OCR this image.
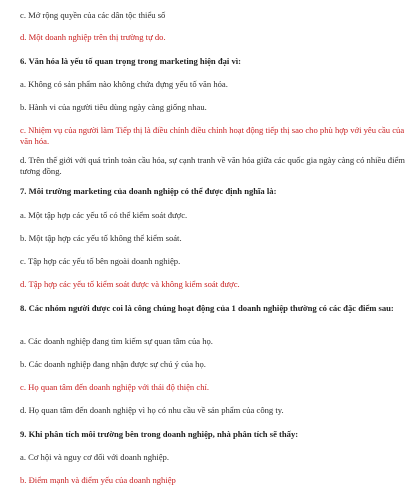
c. Mở rộng quyền của các dân tộc thiểu số
d. Một doanh nghiệp trên thị trường tự do.
6. Văn hóa là yếu tố quan trọng trong marketing hiện đại vì:
a. Không có sản phẩm nào không chứa đựng yếu tố văn hóa.
b. Hành vi của người tiêu dùng ngày càng giống nhau.
c. Nhiệm vụ của người làm Tiếp thị là điều chỉnh điều chỉnh hoạt động tiếp thị sao cho phù hợp với yêu cầu của văn hóa.
d. Trên thế giới với quá trình toàn cầu hóa, sự cạnh tranh về văn hóa giữa các quốc gia ngày càng có nhiều điểm tương đồng.
7. Môi trường marketing của doanh nghiệp có thể được định nghĩa là:
a. Một tập hợp các yếu tố có thể kiểm soát được.
b. Một tập hợp các yếu tố không thể kiểm soát.
c. Tập hợp các yếu tố bên ngoài doanh nghiệp.
d. Tập hợp các yếu tố kiểm soát được và không kiểm soát được.
8. Các nhóm người được coi là công chúng hoạt động của 1 doanh nghiệp thường có các đặc điểm sau:
a. Các doanh nghiệp đang tìm kiếm sự quan tâm của họ.
b. Các doanh nghiệp đang nhận được sự chú ý của họ.
c. Họ quan tâm đến doanh nghiệp với thái độ thiện chí.
d. Họ quan tâm đến doanh nghiệp vì họ có nhu cầu về sản phẩm của công ty.
9. Khi phân tích môi trường bên trong doanh nghiệp, nhà phân tích sẽ thấy:
a. Cơ hội và nguy cơ đối với doanh nghiệp.
b. Điểm mạnh và điểm yếu của doanh nghiệp
